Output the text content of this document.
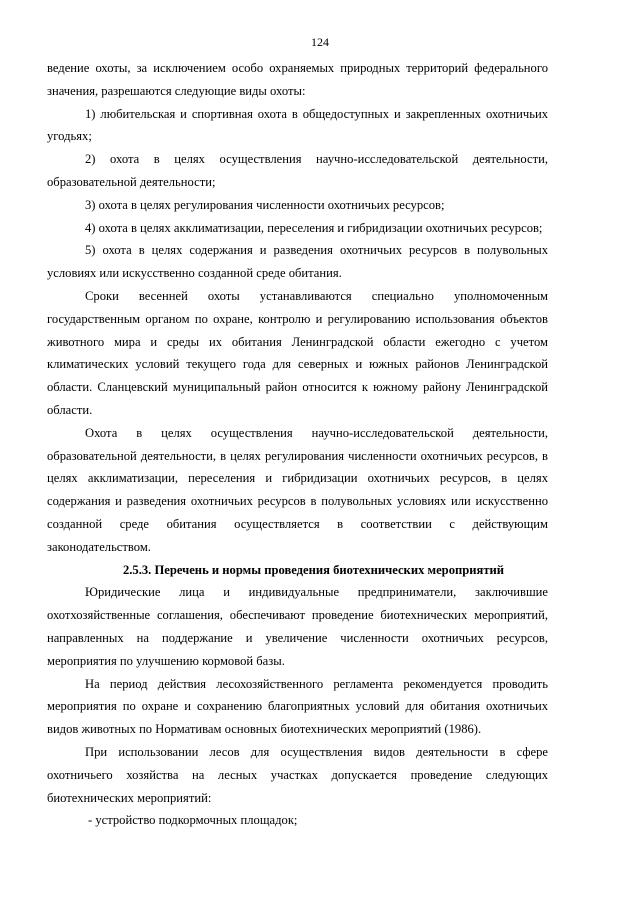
124

ведение охоты, за исключением особо охраняемых природных территорий федерального значения, разрешаются следующие виды охоты:

1) любительская и спортивная охота в общедоступных и закрепленных охотничьих угодьях;

2) охота в целях осуществления научно-исследовательской деятельности, образовательной деятельности;

3) охота в целях регулирования численности охотничьих ресурсов;

4) охота в целях акклиматизации, переселения и гибридизации охотничьих ресурсов;

5) охота в целях содержания и разведения охотничьих ресурсов в полувольных условиях или искусственно созданной среде обитания.

Сроки весенней охоты устанавливаются специально уполномоченным государственным органом по охране, контролю и регулированию использования объектов животного мира и среды их обитания Ленинградской области ежегодно с учетом климатических условий текущего года для северных и южных районов Ленинградской области. Сланцевский муниципальный район относится к южному району Ленинградской области.

Охота в целях осуществления научно-исследовательской деятельности, образовательной деятельности, в целях регулирования численности охотничьих ресурсов, в целях акклиматизации, переселения и гибридизации охотничьих ресурсов, в целях содержания и разведения охотничьих ресурсов в полувольных условиях или искусственно созданной среде обитания осуществляется в соответствии с действующим законодательством.

2.5.3. Перечень и нормы проведения биотехнических мероприятий

Юридические лица и индивидуальные предприниматели, заключившие охотхозяйственные соглашения, обеспечивают проведение биотехнических мероприятий, направленных на поддержание и увеличение численности охотничьих ресурсов, мероприятия по улучшению кормовой базы.

На период действия лесохозяйственного регламента рекомендуется проводить мероприятия по охране и сохранению благоприятных условий для обитания охотничьих видов животных по Нормативам основных биотехнических мероприятий (1986).

При использовании лесов для осуществления видов деятельности в сфере охотничьего хозяйства на лесных участках допускается проведение следующих биотехнических мероприятий:

- устройство подкормочных площадок;
